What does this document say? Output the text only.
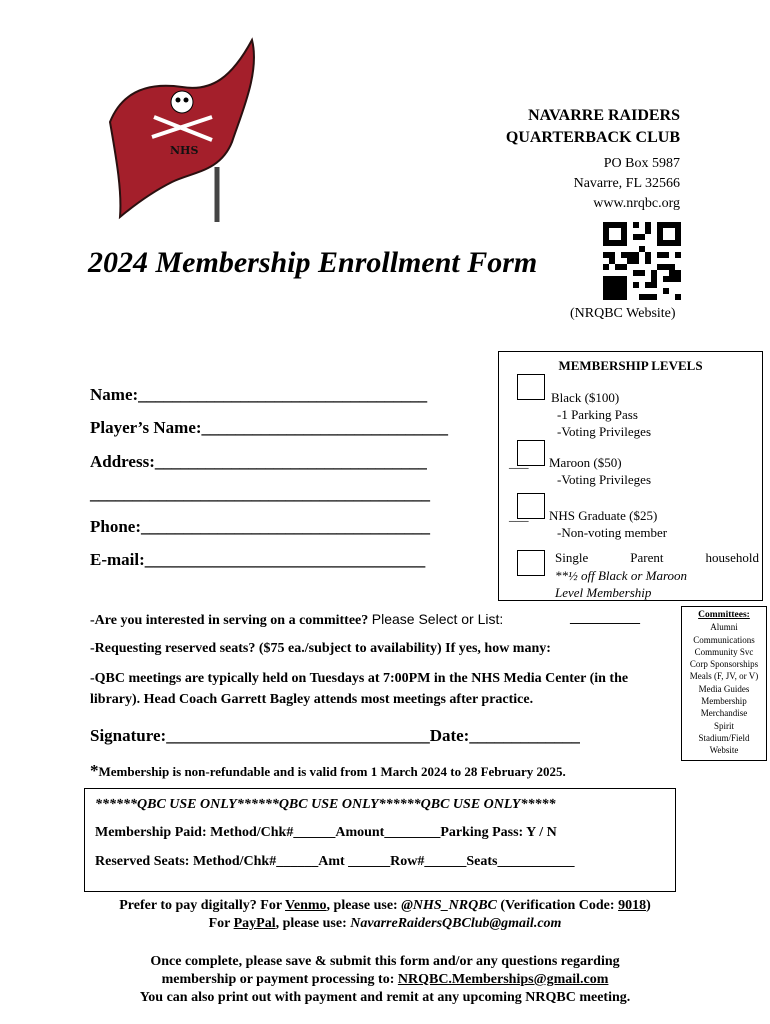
NHS
NAVARRE RAIDERS
QUARTERBACK CLUB
PO Box 5987
Navarre, FL 32566
www.nrqbc.org
(NRQBC Website)
2024 Membership Enrollment Form
Name:__________________________________
Player’s Name:_____________________________
Address:________________________________
________________________________________
Phone:__________________________________
E-mail:_________________________________
MEMBERSHIP LEVELS
Black ($100)
-1 Parking Pass
-Voting Privileges
___ Maroon ($50)
-Voting Privileges
___ NHS Graduate ($25)
-Non-voting member
Single Parent household
**½ off Black or Maroon
Level Membership
-Are you interested in serving on a committee? Please Select or List:	__________
-Requesting reserved seats? ($75 ea./subject to availability) If yes, how many:
-QBC meetings are typically held on Tuesdays at 7:00PM in the NHS Media Center (in the
library). Head Coach Garrett Bagley attends most meetings after practice.
Committees:
Alumni
Communications
Community Svc
Corp Sponsorships
Meals (F, JV, or V)
Media Guides
Membership
Merchandise
Spirit
Stadium/Field
Website
Signature:_______________________________Date:_____________
*Membership is non-refundable and is valid from 1 March 2024 to 28 February 2025.
******QBC USE ONLY******QBC USE ONLY******QBC USE ONLY*****
Membership Paid: Method/Chk#______Amount________Parking Pass: Y / N
Reserved Seats: Method/Chk#______Amt ______Row#______Seats___________
Prefer to pay digitally? For Venmo, please use: @NHS_NRQBC (Verification Code: 9018)
For PayPal, please use: NavarreRaidersQBClub@gmail.com
Once complete, please save & submit this form and/or any questions regarding
membership or payment processing to: NRQBC.Memberships@gmail.com
You can also print out with payment and remit at any upcoming NRQBC meeting.
